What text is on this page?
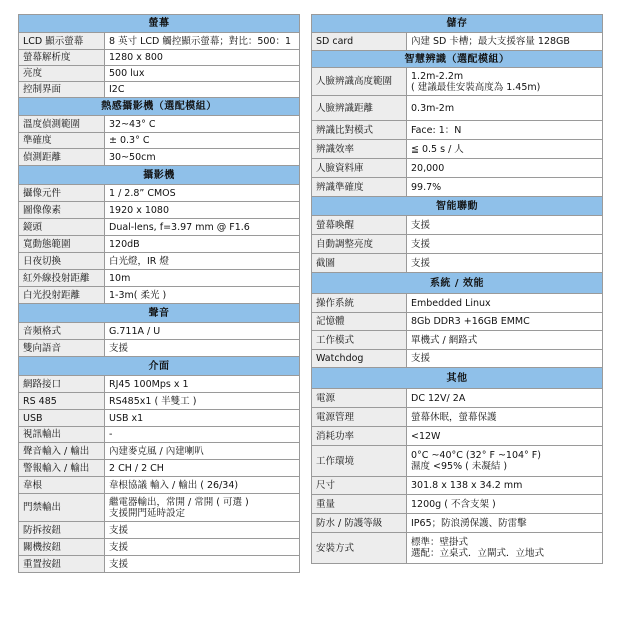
螢幕	
LCD 顯示螢幕	8 英寸 LCD 觸控顯示螢幕；對比：500：1

螢幕解析度	1280 x 800

亮度	500 lux

控制界面	I2C

熱感攝影機（選配模組）	
溫度偵測範圍	32~43° C

準確度	± 0.3° C

偵測距離	30~50cm

攝影機	
攝像元件	1 / 2.8” CMOS

圖像像素	1920 x 1080

鏡頭	Dual-lens, f=3.97 mm @ F1.6

寬動態範圍	120dB

日夜切換	白光燈，IR 燈

紅外線投射距離	10m

白光投射距離	1-3m( 柔光 )

聲音	
音頻格式	G.711A / U

雙向語音	支援

介面	
網路接口	RJ45 100Mps x 1

RS 485	RS485x1 ( 半雙工 )

USB	USB x1

視訊輸出	-

聲音輸入 / 輸出	內建麥克風 / 內建喇叭

警報輸入 / 輸出	2 CH / 2 CH

韋根	韋根協議 輸入 / 輸出 ( 26/34)

門禁輸出	繼電器輸出，常開 / 常開 ( 可選 )
支援開門延時設定

防拆按鈕	支援

關機按鈕	支援

重置按鈕	支援
儲存	
SD card	內建 SD 卡槽；最大支援容量 128GB

智慧辨識（選配模組）	
人臉辨識高度範圍	1.2m-2.2m
( 建議最佳安裝高度為 1.45m)

人臉辨識距離	0.3m-2m

辨識比對模式	Face: 1：N

辨識效率	≦ 0.5 s / 人

人臉資料庫	20,000

辨識準確度	99.7%

智能聯動	
螢幕喚醒	支援

自動調整亮度	支援

截圖	支援

系統 / 效能	
操作系統	Embedded Linux

記憶體	8Gb DDR3 +16GB EMMC

工作模式	單機式 / 網路式

Watchdog	支援

其他	
電源	DC 12V/ 2A

電源管理	螢幕休眠，螢幕保護

消耗功率	<12W

工作環境	0°C ~40°C (32° F ~104° F)
濕度 <95% ( 未凝結 )

尺寸	301.8 x 138 x 34.2 mm

重量	1200g ( 不含支架 )

防水 / 防護等級	IP65；防浪湧保護、防雷擊

安裝方式	標準：壁掛式
選配：立桌式．立閘式．立地式
